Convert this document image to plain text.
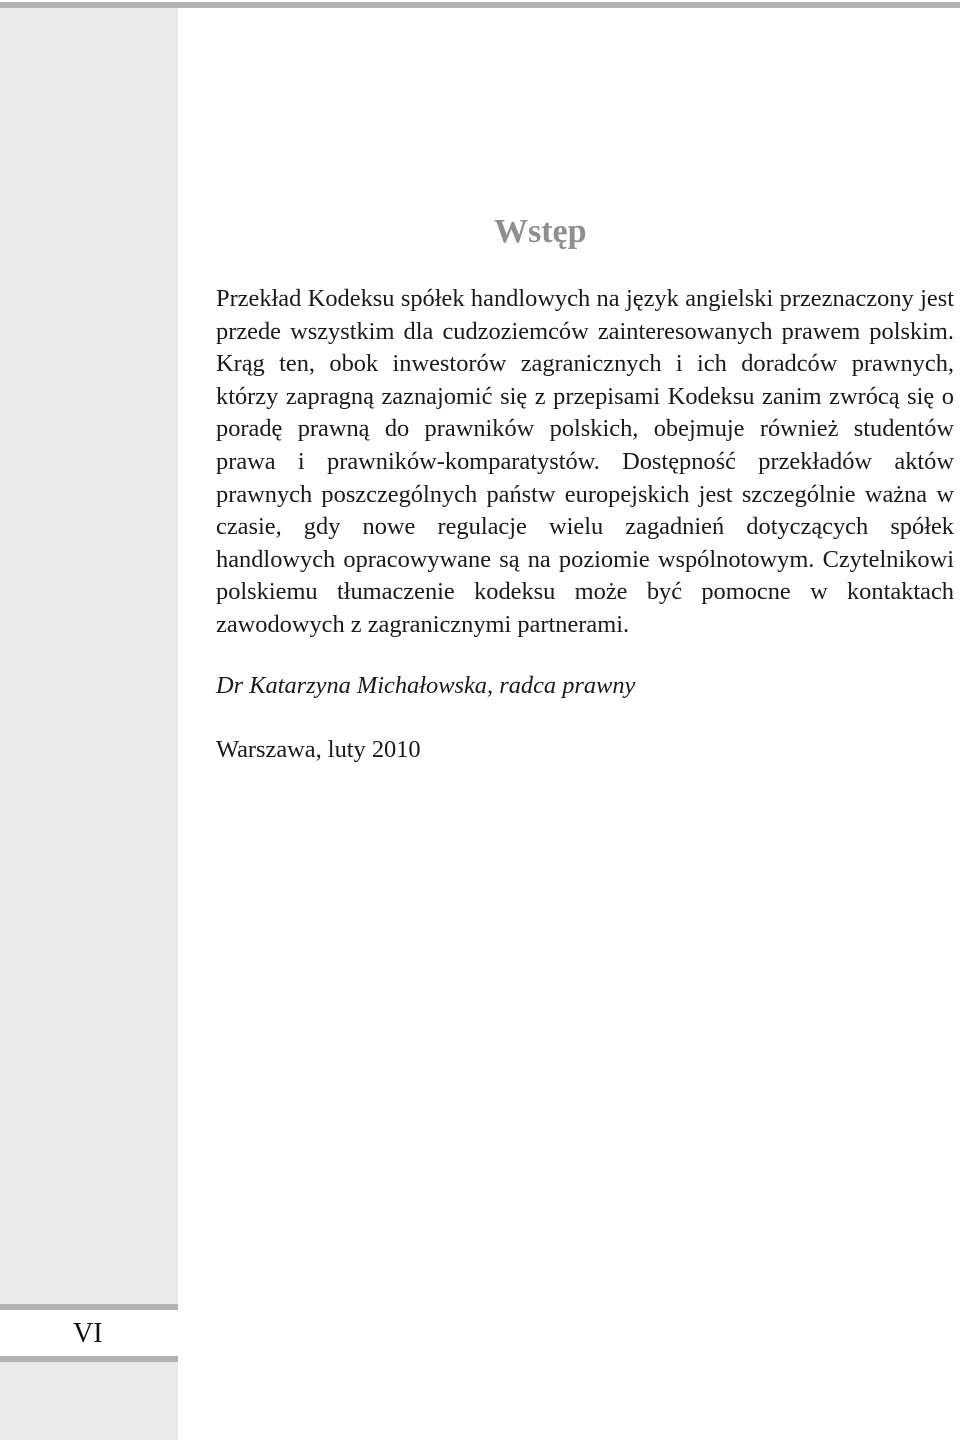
VI
Wstęp

Przekład Kodeksu spółek handlowych na język angielski przeznaczony jest przede wszystkim dla cudzoziemców zainteresowanych prawem polskim. Krąg ten, obok inwestorów zagranicznych i ich doradców prawnych, którzy zapragną zaznajomić się z przepisami Kodeksu zanim zwrócą się o poradę prawną do prawników polskich, obejmuje również studentów prawa i prawników-komparatystów. Dostępność przekładów aktów prawnych poszczególnych państw europejskich jest szczególnie ważna w czasie, gdy nowe regulacje wielu zagadnień dotyczących spółek handlowych opracowywane są na poziomie wspólnotowym. Czytelnikowi polskiemu tłumaczenie kodeksu może być pomocne w kontaktach zawodowych z zagranicznymi partnerami.

Dr Katarzyna Michałowska, radca prawny

Warszawa, luty 2010
